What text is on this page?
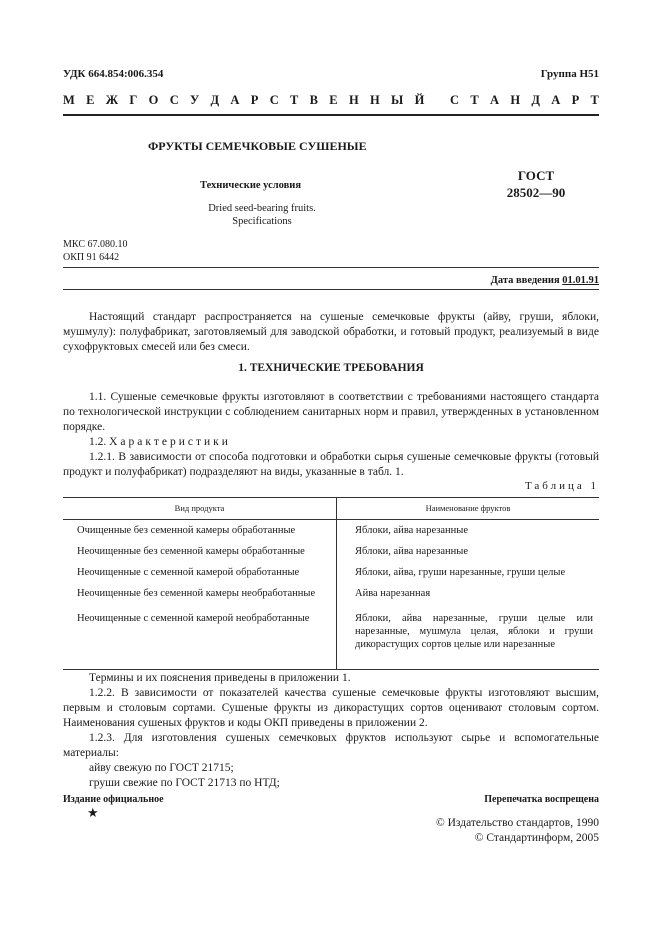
УДК 664.854:006.354	Группа Н51
М Е Ж Г О С У Д А Р С Т В Е Н Н Ы Й
С Т А Н Д А Р Т
ФРУКТЫ СЕМЕЧКОВЫЕ СУШЕНЫЕ
Технические условия
Dried seed-bearing fruits.
Specifications
ГОСТ
28502—90
МКС 67.080.10
ОКП 91 6442
Дата введения 01.01.91
Настоящий стандарт распространяется на сушеные семечковые фрукты (айву, груши, яблоки, мушмулу): полуфабрикат, заготовляемый для заводской обработки, и готовый продукт, реализуемый в виде сухофруктовых смесей или без смеси.
1. ТЕХНИЧЕСКИЕ ТРЕБОВАНИЯ
1.1. Сушеные семечковые фрукты изготовляют в соответствии с требованиями настоящего стандарта по технологической инструкции с соблюдением санитарных норм и правил, утвержденных в установленном порядке.
1.2. Характеристики
1.2.1. В зависимости от способа подготовки и обработки сырья сушеные семечковые фрукты (готовый продукт и полуфабрикат) подразделяют на виды, указанные в табл. 1.
Таблица 1
Вид продукта	Наименование фруктов
Очищенные без семенной камеры обработанные	Яблоки, айва нарезанные
Неочищенные без семенной камеры обработанные	Яблоки, айва нарезанные
Неочищенные с семенной камерой обработанные	Яблоки, айва, груши нарезанные, груши целые
Неочищенные без семенной камеры необработанные	Айва нарезанная
Неочищенные с семенной камерой необработанные	Яблоки, айва нарезанные, груши целые или нарезанные, мушмула целая, яблоки и груши дикорастущих сортов целые или нарезанные
Термины и их пояснения приведены в приложении 1.
1.2.2. В зависимости от показателей качества сушеные семечковые фрукты изготовляют высшим, первым и столовым сортами. Сушеные фрукты из дикорастущих сортов оценивают столовым сортом. Наименования сушеных фруктов и коды ОКП приведены в приложении 2.
1.2.3. Для изготовления сушеных семечковых фруктов используют сырье и вспомогательные материалы:
айву свежую по ГОСТ 21715;
груши свежие по ГОСТ 21713 по НТД;
Издание официальное	Перепечатка воспрещена
★
© Издательство стандартов, 1990
© Стандартинформ, 2005
